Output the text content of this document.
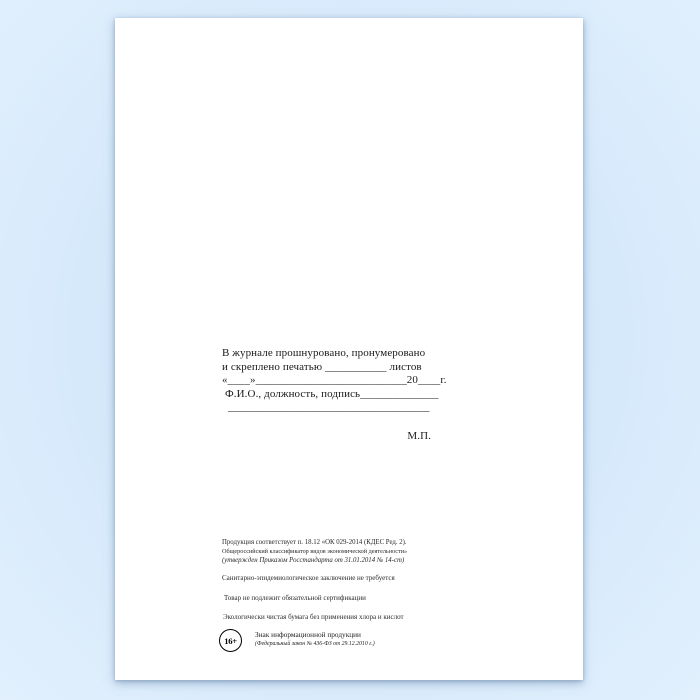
В журнале прошнуровано, пронумеровано
и скреплено печатью ___________ листов
«____»___________________________20____г.
Ф.И.О., должность, подпись______________
____________________________________
М.П.
Продукция соответствует п. 18.12 «ОК 029-2014 (КДЕС Ред. 2).
Общероссийский классификатор видов экономической деятельности»
(утвержден Приказом Росстандарта от 31.01.2014 № 14-ст)
Санитарно-эпидемиологическое заключение не требуется
Товар не подлежит обязательной сертификации
Экологически чистая бумага без применения хлора и кислот
16+
Знак информационной продукции
(Федеральный закон № 436-ФЗ от 29.12.2010 г.)
